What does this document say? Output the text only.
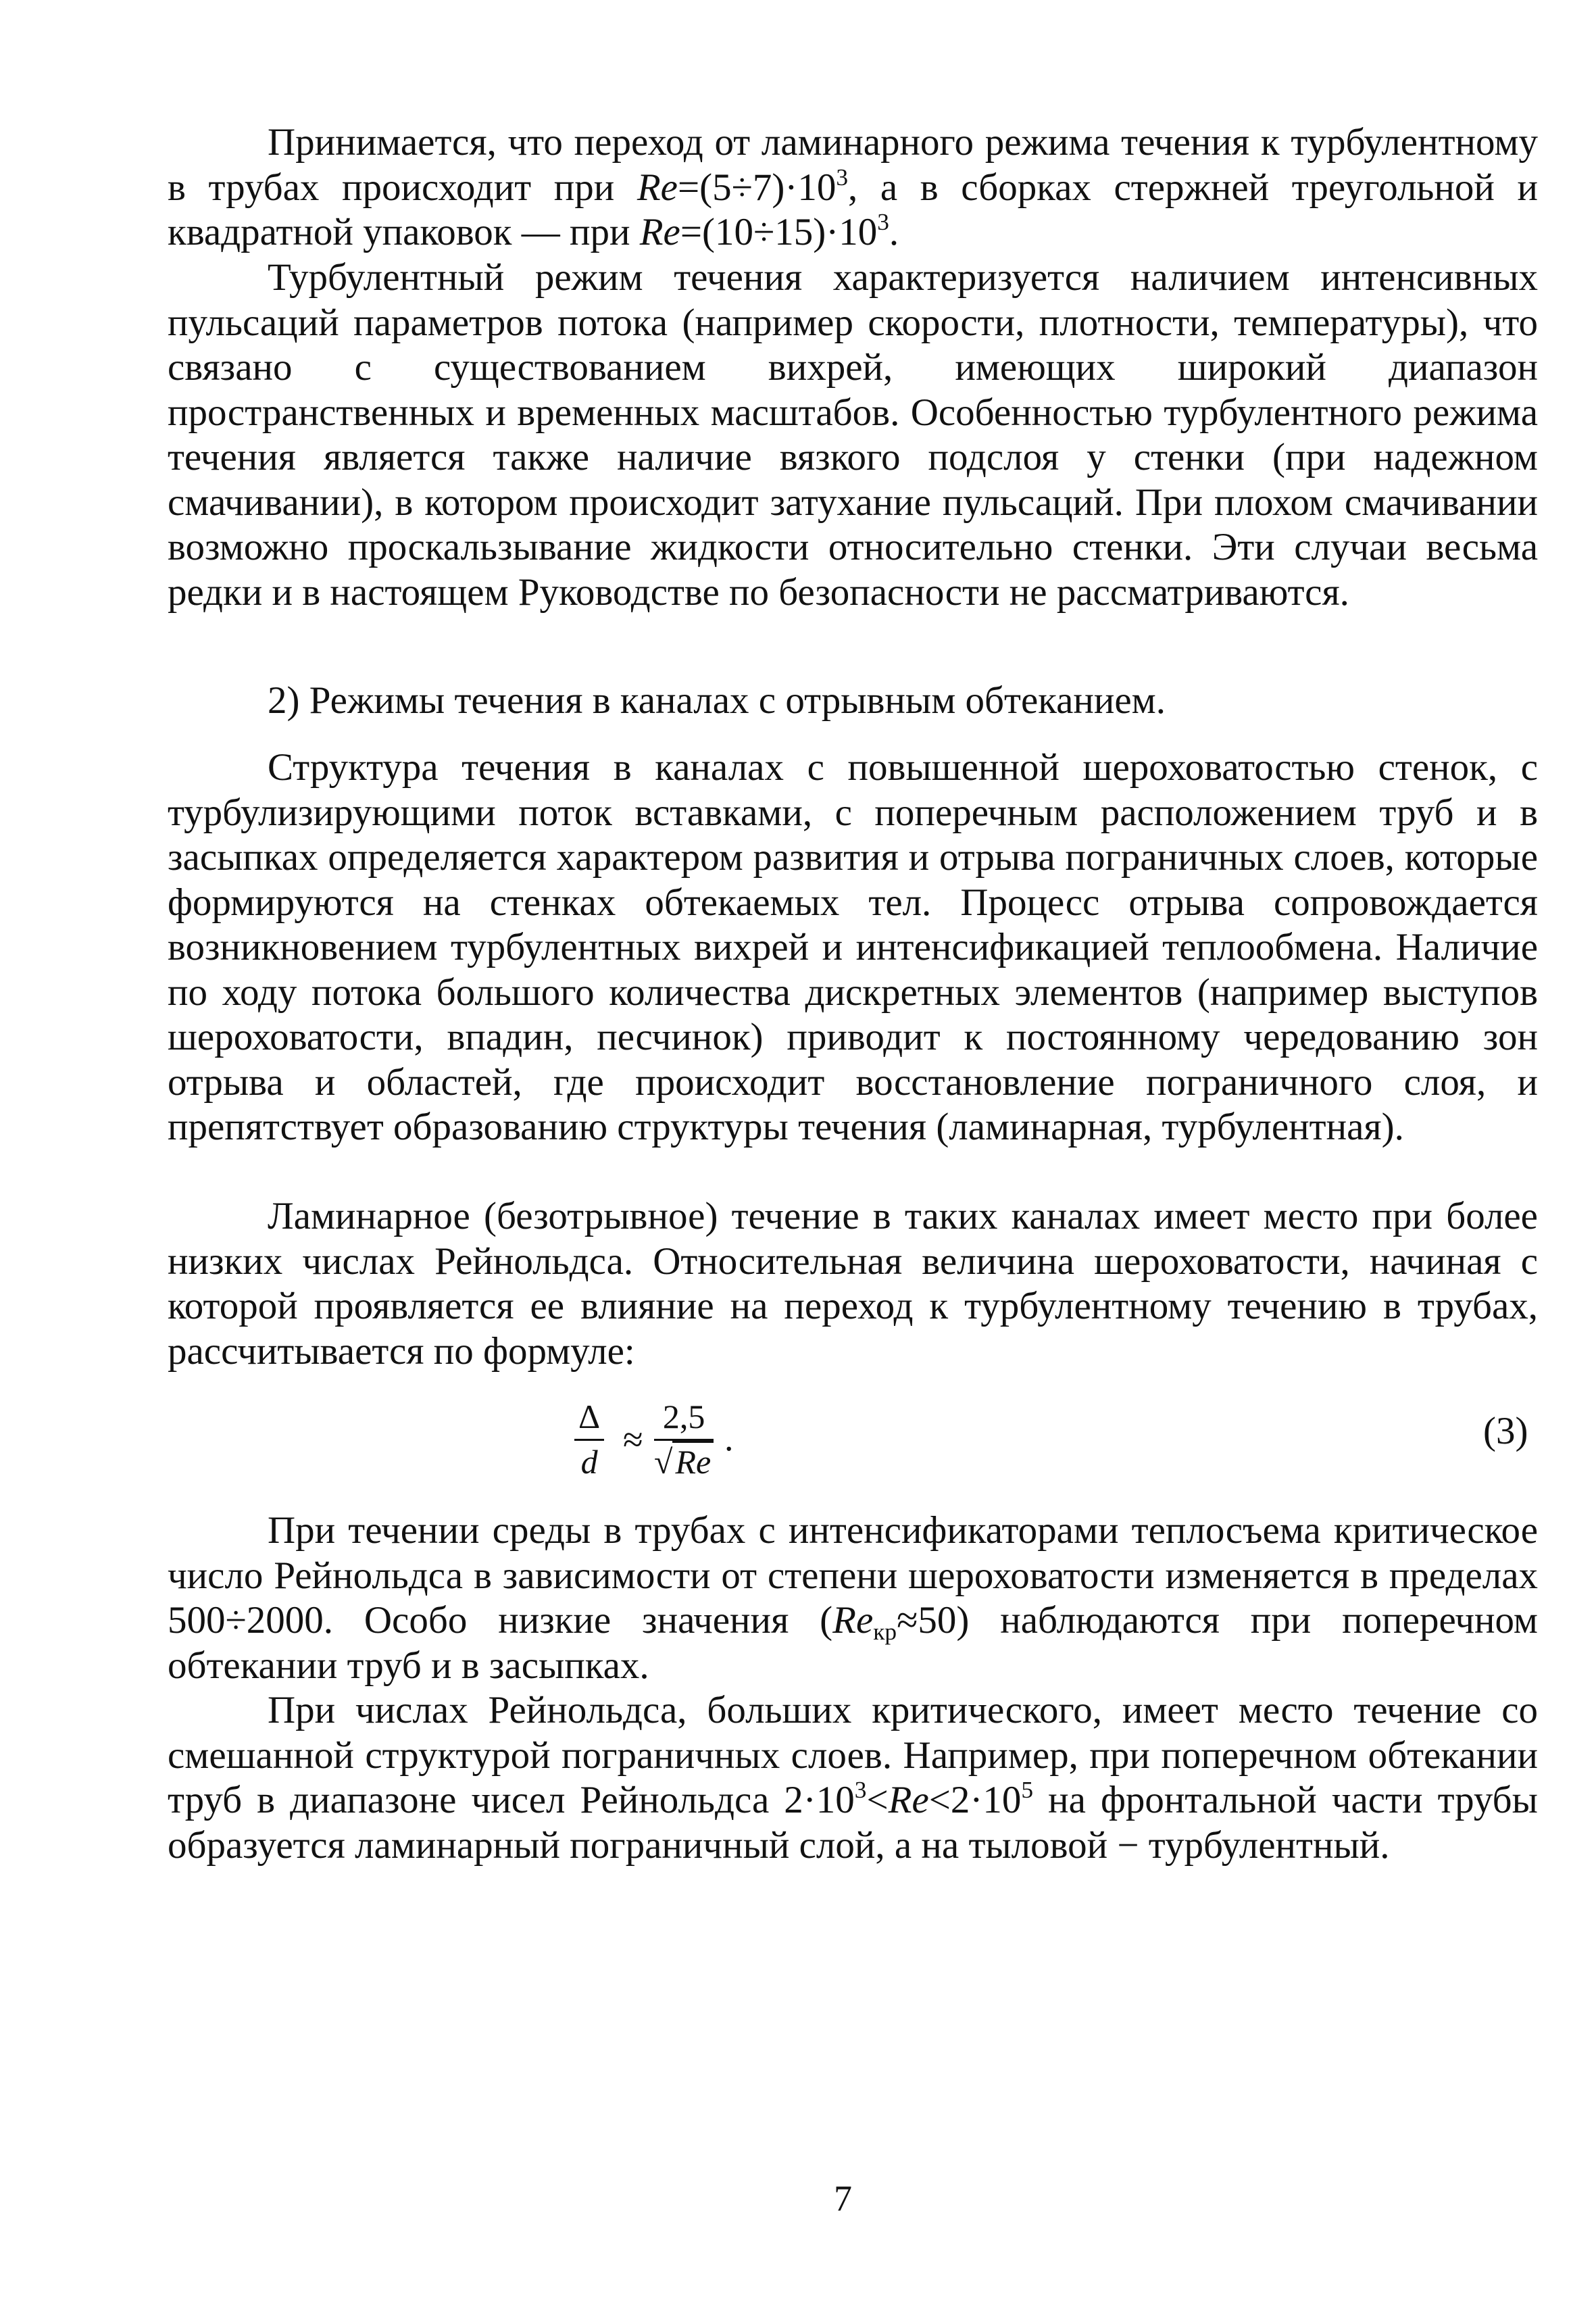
Принимается, что переход от ламинарного режима течения к турбулентному в трубах происходит при $Re=(5\div 7)\cdot 10^3$, а в сборках стержней треугольной и квадратной упаковок — при $Re=(10\div 15)\cdot 10^3$.

Турбулентный режим течения характеризуется наличием интенсивных пульсаций параметров потока (например скорости, плотности, температуры), что связано с существованием вихрей, имеющих широкий диапазон пространственных и временных масштабов. Особенностью турбулентного режима течения является также наличие вязкого подслоя у стенки (при надежном смачивании), в котором происходит затухание пульсаций. При плохом смачивании возможно проскальзывание жидкости относительно стенки. Эти случаи весьма редки и в настоящем Руководстве по безопасности не рассматриваются.

2) Режимы течения в каналах с отрывным обтеканием.

Структура течения в каналах с повышенной шероховатостью стенок, с турбулизирующими поток вставками, с поперечным расположением труб и в засыпках определяется характером развития и отрыва пограничных слоев, которые формируются на стенках обтекаемых тел. Процесс отрыва сопровождается возникновением турбулентных вихрей и интенсификацией теплообмена. Наличие по ходу потока большого количества дискретных элементов (например выступов шероховатости, впадин, песчинок) приводит к постоянному чередованию зон отрыва и областей, где происходит восстановление пограничного слоя, и препятствует образованию структуры течения (ламинарная, турбулентная).

Ламинарное (безотрывное) течение в таких каналах имеет место при более низких числах Рейнольдса. Относительная величина шероховатости, начиная с которой проявляется ее влияние на переход к турбулентному течению в трубах, рассчитывается по формуле:

$\frac{\Delta}{d} \approx \frac{2,5}{√Re}$ .	(3)

При течении среды в трубах с интенсификаторами теплосъема критическое число Рейнольдса в зависимости от степени шероховатости изменяется в пределах 500÷2000. Особо низкие значения $(Re_{кр}\approx 50)$ наблюдаются при поперечном обтекании труб и в засыпках.

При числах Рейнольдса, больших критического, имеет место течение со смешанной структурой пограничных слоев. Например, при поперечном обтекании труб в диапазоне чисел Рейнольдса $2\cdot 10^3<Re<2\cdot 10^5$ на фронтальной части трубы образуется ламинарный пограничный слой, а на тыловой − турбулентный.

7
